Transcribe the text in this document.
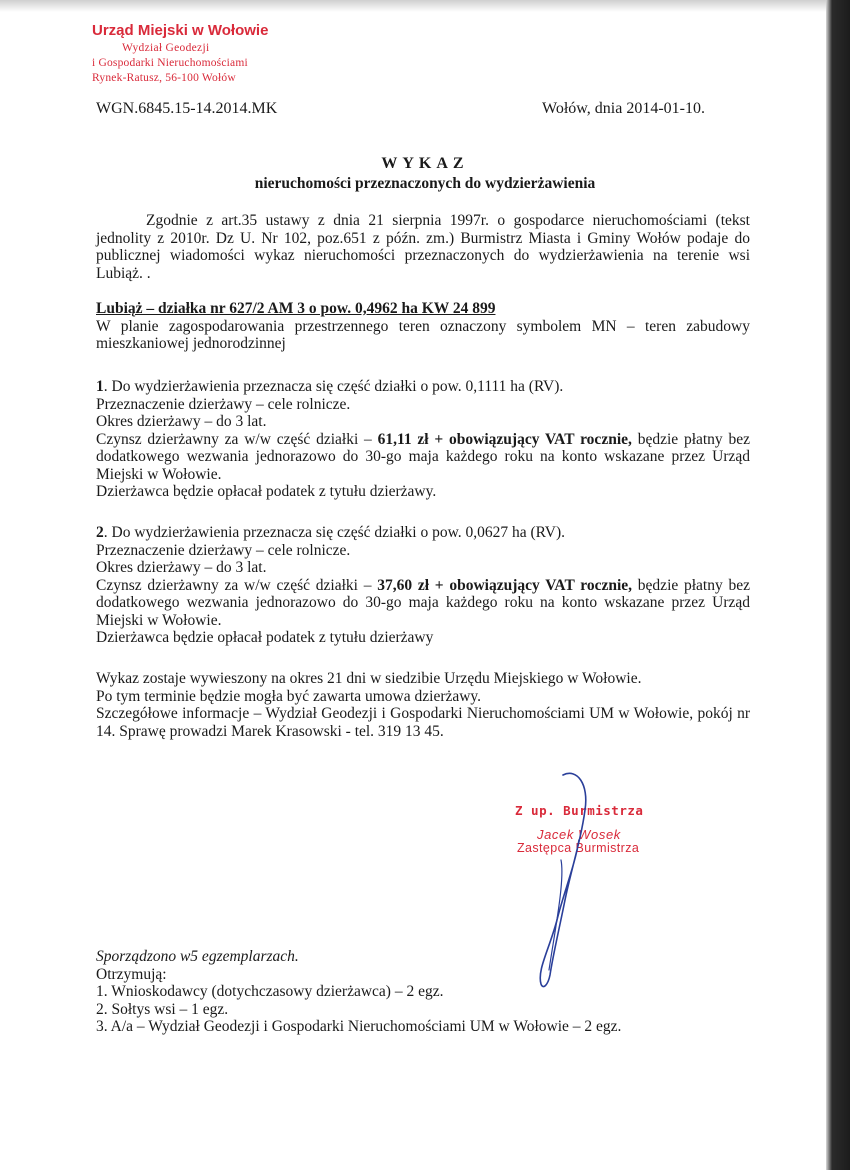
Urząd Miejski w Wołowie
Wydział Geodezji
i Gospodarki Nieruchomościami
Rynek-Ratusz, 56-100 Wołów
WGN.6845.15-14.2014.MK	Wołów, dnia 2014-01-10.
WYKAZ
nieruchomości przeznaczonych do wydzierżawienia
Zgodnie z art.35 ustawy z dnia 21 sierpnia 1997r. o gospodarce nieruchomościami (tekst jednolity z 2010r. Dz U. Nr 102, poz.651 z późn. zm.) Burmistrz Miasta i Gminy Wołów podaje do publicznej wiadomości wykaz nieruchomości przeznaczonych do wydzierżawienia na terenie wsi Lubiąż. .
Lubiąż – działka nr 627/2 AM 3 o pow. 0,4962 ha KW 24 899
W planie zagospodarowania przestrzennego teren oznaczony symbolem MN – teren zabudowy mieszkaniowej jednorodzinnej
1. Do wydzierżawienia przeznacza się część działki o pow. 0,1111 ha (RV).
Przeznaczenie dzierżawy – cele rolnicze.
Okres dzierżawy – do 3 lat.
Czynsz dzierżawny za w/w część działki – 61,11 zł + obowiązujący VAT rocznie, będzie płatny bez dodatkowego wezwania jednorazowo do 30-go maja każdego roku na konto wskazane przez Urząd Miejski w Wołowie.
Dzierżawca będzie opłacał podatek z tytułu dzierżawy.
2. Do wydzierżawienia przeznacza się część działki o pow. 0,0627 ha (RV).
Przeznaczenie dzierżawy – cele rolnicze.
Okres dzierżawy – do 3 lat.
Czynsz dzierżawny za w/w część działki – 37,60 zł + obowiązujący VAT rocznie, będzie płatny bez dodatkowego wezwania jednorazowo do 30-go maja każdego roku na konto wskazane przez Urząd Miejski w Wołowie.
Dzierżawca będzie opłacał podatek z tytułu dzierżawy
Wykaz zostaje wywieszony na okres 21 dni w siedzibie Urzędu Miejskiego w Wołowie.
Po tym terminie będzie mogła być zawarta umowa dzierżawy.
Szczegółowe informacje – Wydział Geodezji i Gospodarki Nieruchomościami UM w Wołowie, pokój nr 14. Sprawę prowadzi Marek Krasowski - tel. 319 13 45.
Z up. Burmistrza
Jacek Wosek
Zastępca Burmistrza
Sporządzono w5 egzemplarzach.
Otrzymują:
1. Wnioskodawcy (dotychczasowy dzierżawca) – 2 egz.
2. Sołtys wsi – 1 egz.
3. A/a – Wydział Geodezji i Gospodarki Nieruchomościami UM w Wołowie – 2 egz.
